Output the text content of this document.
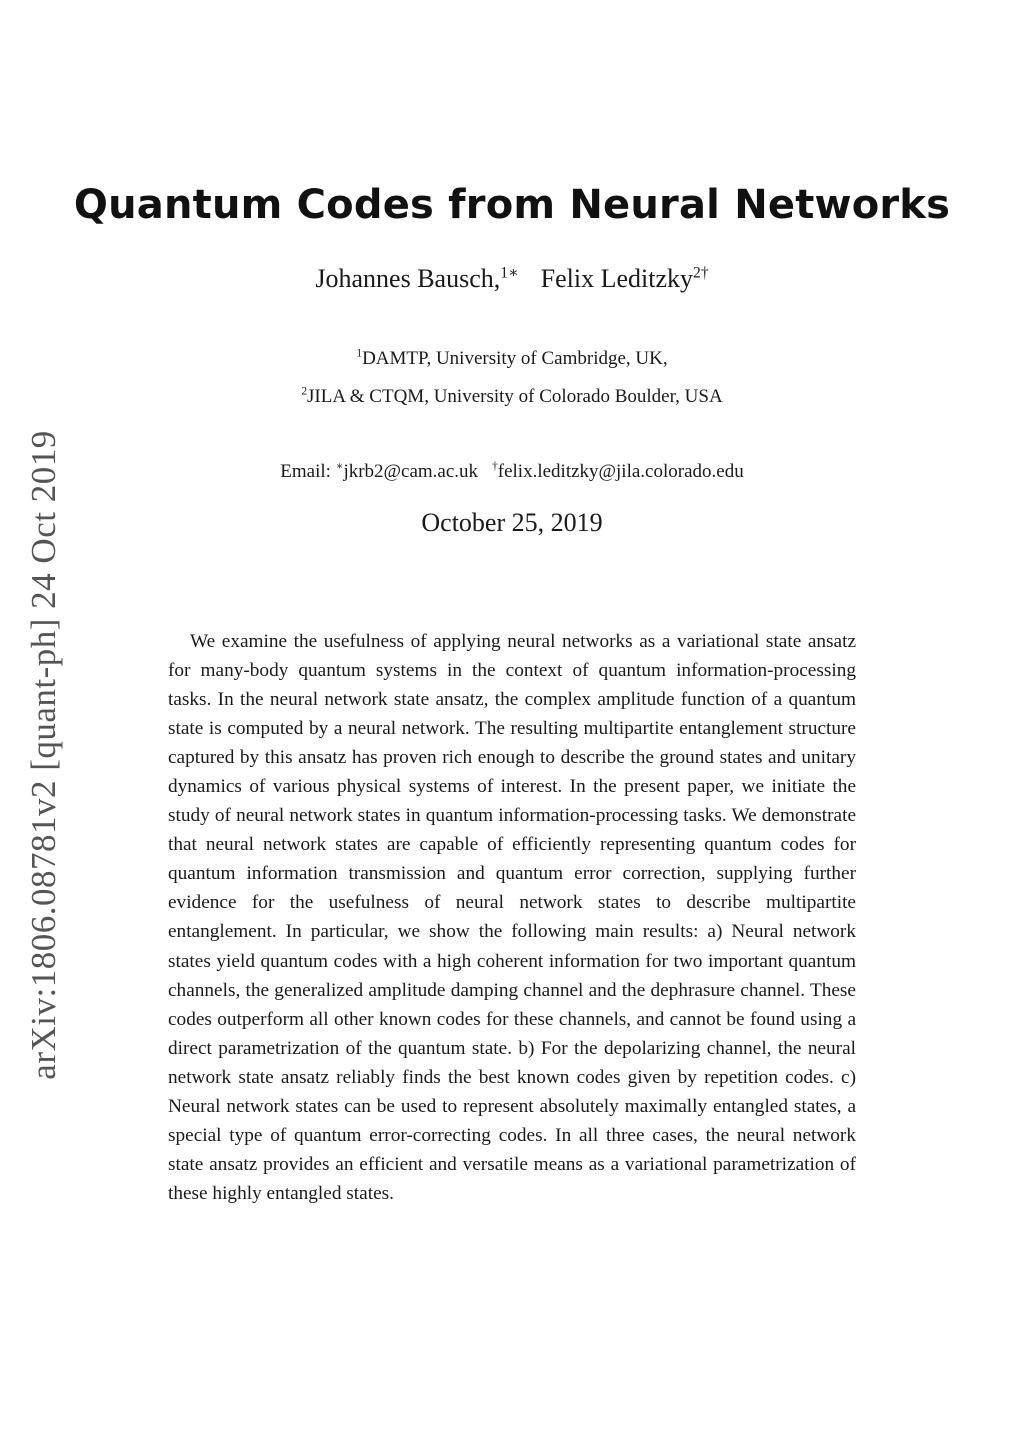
arXiv:1806.08781v2 [quant-ph] 24 Oct 2019
Quantum Codes from Neural Networks
Johannes Bausch,$^{1∗}$ Felix Leditzky$^{2\dagger}$
$^1$DAMTP, University of Cambridge, UK,
$^2$JILA & CTQM, University of Colorado Boulder, USA
Email: ∗jkrb2@cam.ac.uk †felix.leditzky@jila.colorado.edu
October 25, 2019

We examine the usefulness of applying neural networks as a variational state ansatz for many-body quantum systems in the context of quantum information-processing tasks. In the neural network state ansatz, the complex amplitude function of a quantum state is computed by a neural network. The resulting multipartite entanglement structure captured by this ansatz has proven rich enough to describe the ground states and unitary dynamics of various physical systems of interest. In the present paper, we initiate the study of neural network states in quantum information-processing tasks. We demonstrate that neural network states are capable of efficiently representing quantum codes for quantum information transmission and quantum error correction, supplying further evidence for the usefulness of neural network states to describe multipartite entanglement. In particular, we show the following main results: a) Neural network states yield quantum codes with a high coherent information for two important quantum channels, the generalized amplitude damping channel and the dephrasure channel. These codes outperform all other known codes for these channels, and cannot be found using a direct parametrization of the quantum state. b) For the depolarizing channel, the neural network state ansatz reliably finds the best known codes given by repetition codes. c) Neural network states can be used to represent absolutely maximally entangled states, a special type of quantum error-correcting codes. In all three cases, the neural network state ansatz provides an efficient and versatile means as a variational parametrization of these highly entangled states.
